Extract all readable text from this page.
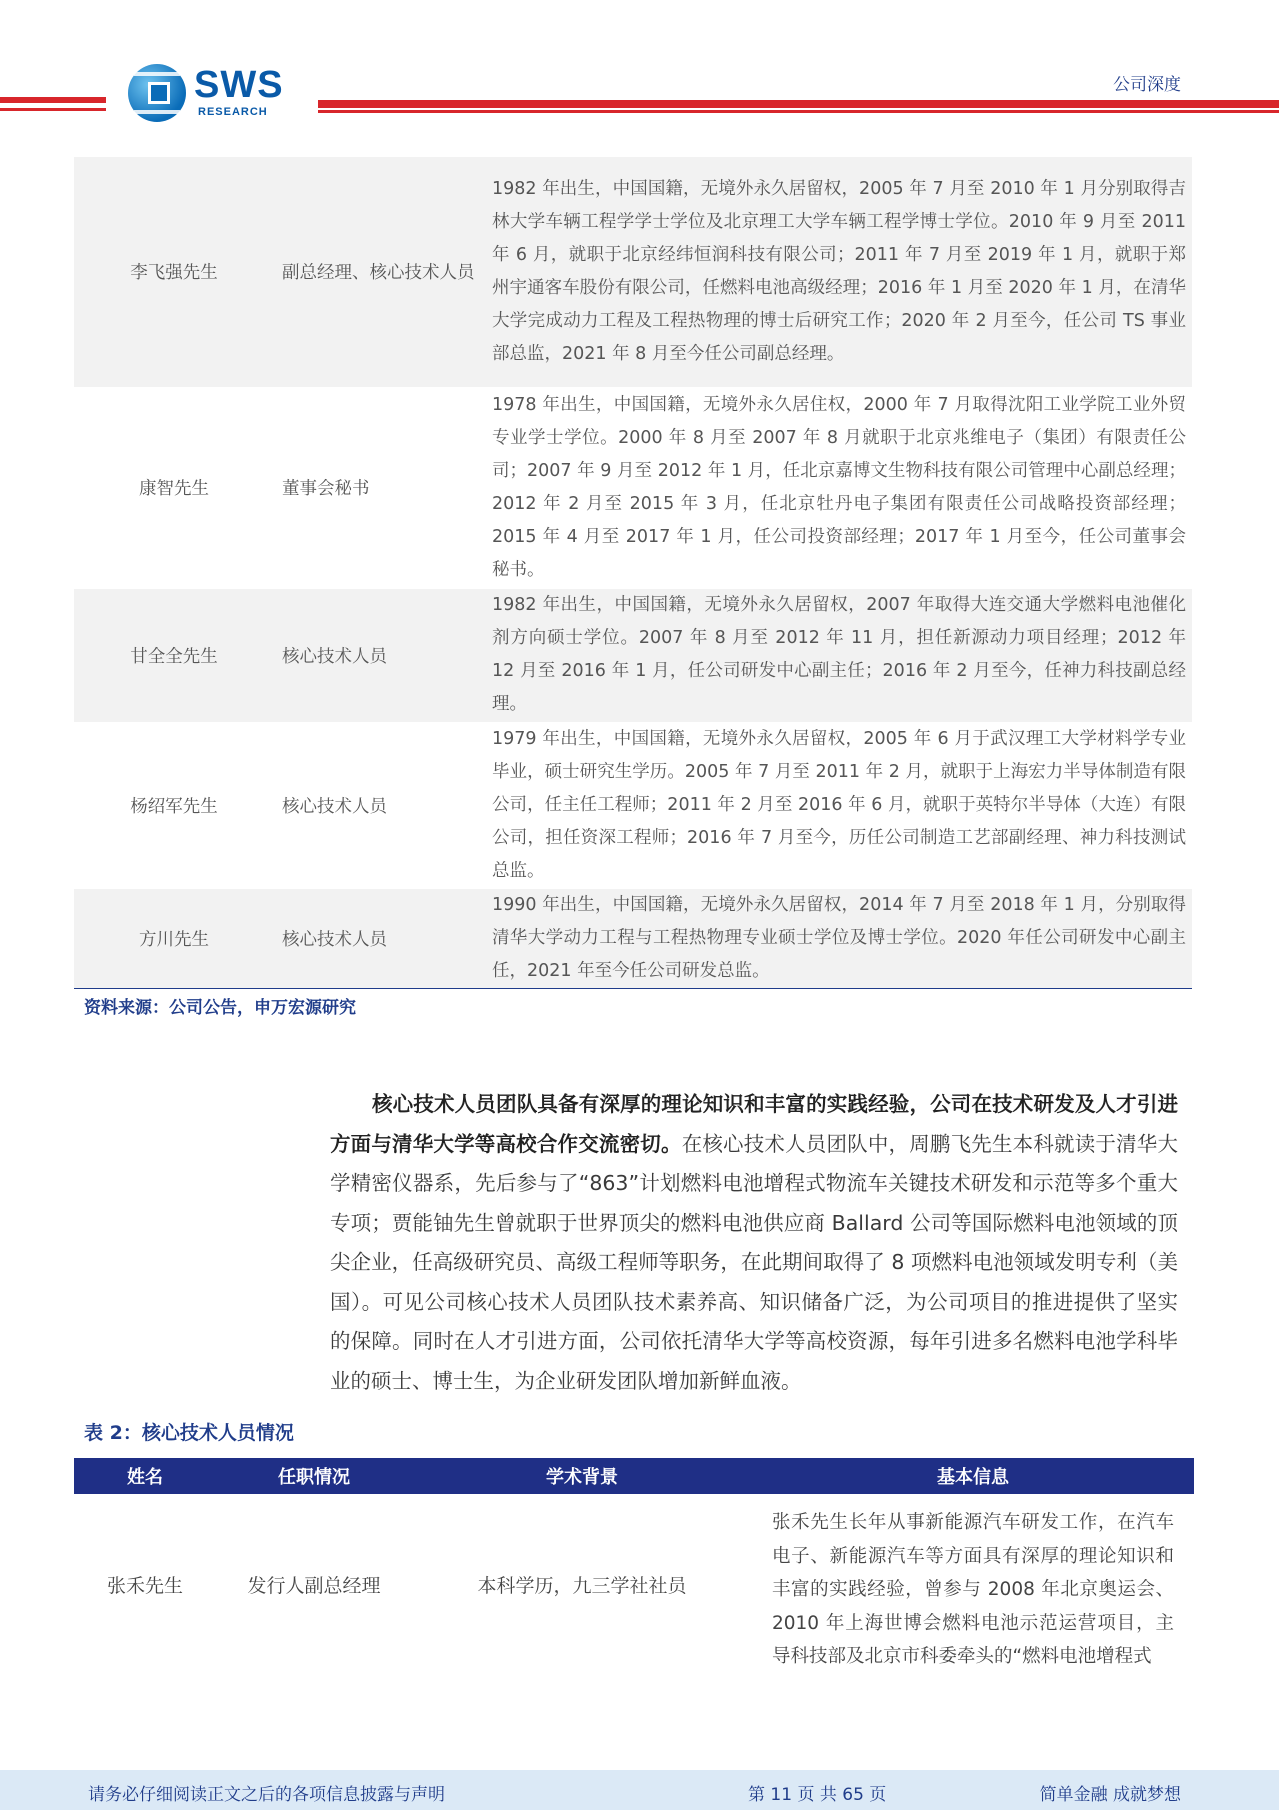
SWS
RESEARCH
公司深度
李飞强先生	副总经理、核心技术人员	1982 年出生，中国国籍，无境外永久居留权，2005 年 7 月至 2010 年 1 月分别取得吉林大学车辆工程学学士学位及北京理工大学车辆工程学博士学位。2010 年 9 月至 2011 年 6 月，就职于北京经纬恒润科技有限公司；2011 年 7 月至 2019 年 1 月，就职于郑州宇通客车股份有限公司，任燃料电池高级经理；2016 年 1 月至 2020 年 1 月，在清华大学完成动力工程及工程热物理的博士后研究工作；2020 年 2 月至今，任公司 TS 事业部总监，2021 年 8 月至今任公司副总经理。
康智先生	董事会秘书	1978 年出生，中国国籍，无境外永久居住权，2000 年 7 月取得沈阳工业学院工业外贸专业学士学位。2000 年 8 月至 2007 年 8 月就职于北京兆维电子（集团）有限责任公司；2007 年 9 月至 2012 年 1 月，任北京嘉博文生物科技有限公司管理中心副总经理；2012 年 2 月至 2015 年 3 月，任北京牡丹电子集团有限责任公司战略投资部经理；2015 年 4 月至 2017 年 1 月，任公司投资部经理；2017 年 1 月至今，任公司董事会秘书。
甘全全先生	核心技术人员	1982 年出生，中国国籍，无境外永久居留权，2007 年取得大连交通大学燃料电池催化剂方向硕士学位。2007 年 8 月至 2012 年 11 月，担任新源动力项目经理；2012 年 12 月至 2016 年 1 月，任公司研发中心副主任；2016 年 2 月至今，任神力科技副总经理。
杨绍军先生	核心技术人员	1979 年出生，中国国籍，无境外永久居留权，2005 年 6 月于武汉理工大学材料学专业毕业，硕士研究生学历。2005 年 7 月至 2011 年 2 月，就职于上海宏力半导体制造有限公司，任主任工程师；2011 年 2 月至 2016 年 6 月，就职于英特尔半导体（大连）有限公司，担任资深工程师；2016 年 7 月至今，历任公司制造工艺部副经理、神力科技测试总监。
方川先生	核心技术人员	1990 年出生，中国国籍，无境外永久居留权，2014 年 7 月至 2018 年 1 月，分别取得清华大学动力工程与工程热物理专业硕士学位及博士学位。2020 年任公司研发中心副主任，2021 年至今任公司研发总监。
资料来源：公司公告，申万宏源研究
核心技术人员团队具备有深厚的理论知识和丰富的实践经验，公司在技术研发及人才引进方面与清华大学等高校合作交流密切。在核心技术人员团队中，周鹏飞先生本科就读于清华大学精密仪器系，先后参与了“863”计划燃料电池增程式物流车关键技术研发和示范等多个重大专项；贾能铀先生曾就职于世界顶尖的燃料电池供应商 Ballard 公司等国际燃料电池领域的顶尖企业，任高级研究员、高级工程师等职务，在此期间取得了 8 项燃料电池领域发明专利（美国）。可见公司核心技术人员团队技术素养高、知识储备广泛，为公司项目的推进提供了坚实的保障。同时在人才引进方面，公司依托清华大学等高校资源，每年引进多名燃料电池学科毕业的硕士、博士生，为企业研发团队增加新鲜血液。
表 2：核心技术人员情况
姓名	任职情况	学术背景	基本信息
张禾先生	发行人副总经理	本科学历，九三学社社员	张禾先生长年从事新能源汽车研发工作，在汽车电子、新能源汽车等方面具有深厚的理论知识和丰富的实践经验，曾参与 2008 年北京奥运会、2010 年上海世博会燃料电池示范运营项目，主导科技部及北京市科委牵头的“燃料电池增程式
请务必仔细阅读正文之后的各项信息披露与声明	第 11 页 共 65 页	简单金融 成就梦想
